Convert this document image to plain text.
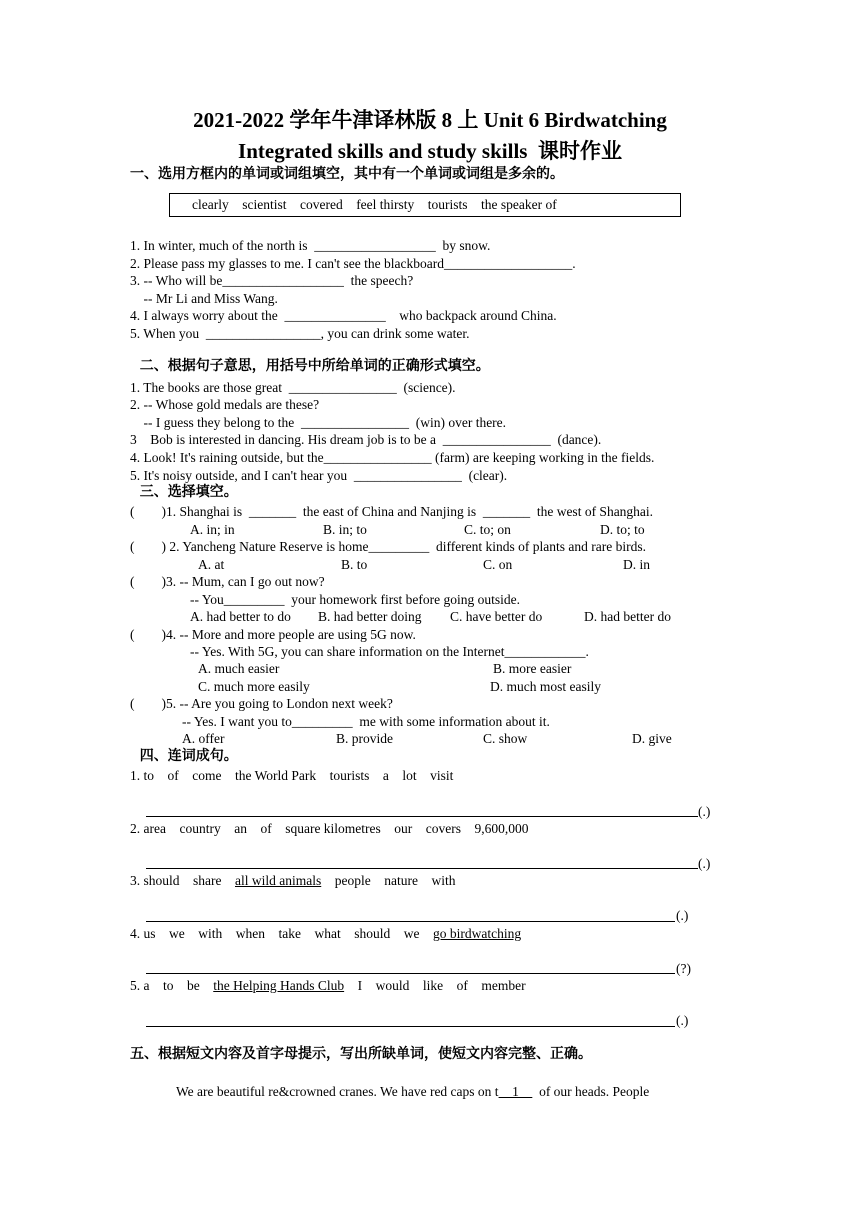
2021-2022 学年牛津译林版 8 上 Unit 6 Birdwatching
Integrated skills and study skills  课时作业
一、选用方框内的单词或词组填空，其中有一个单词或词组是多余的。
clearly    scientist    covered    feel thirsty    tourists    the speaker of
1. In winter, much of the north is  __________________  by snow.
2. Please pass my glasses to me. I can't see the blackboard___________________.
3. -- Who will be__________________  the speech?
-- Mr Li and Miss Wang.
4. I always worry about the  _______________    who backpack around China.
5. When you  _________________, you can drink some water.
二、根据句子意思，用括号中所给单词的正确形式填空。
1. The books are those great  ________________  (science).
2. -- Whose gold medals are these?
-- I guess they belong to the  ________________  (win) over there.
3    Bob is interested in dancing. His dream job is to be a  ________________  (dance).
4. Look! It's raining outside, but the________________ (farm) are keeping working in the fields.
5. It's noisy outside, and I can't hear you  ________________  (clear).
三、选择填空。
(        )1. Shanghai is  _______  the east of China and Nanjing is  _______  the west of Shanghai.
A. in; in	B. in; to	C. to; on	D. to; to
(        ) 2. Yancheng Nature Reserve is home_________  different kinds of plants and rare birds.
A. at	B. to	C. on	D. in
(        )3. -- Mum, can I go out now?
-- You_________  your homework first before going outside.
A. had better to do B. had better doing C. have better do	D. had better do
(        )4. -- More and more people are using 5G now.
-- Yes. With 5G, you can share information on the Internet____________.
A. much easier	B. more easier
C. much more easily	D. much most easily
(        )5. -- Are you going to London next week?
-- Yes. I want you to_________  me with some information about it.
A. offer	B. provide	C. show	D. give
四、连词成句。
1. to    of    come    the World Park    tourists    a    lot    visit
(.)
2. area    country    an    of    square kilometres    our    covers    9,600,000
(.)
3. should    share    all wild animals    people    nature    with
(.)
4. us    we    with    when    take    what    should    we    go birdwatching
(?)
5. a    to    be    the Helping Hands Club    I    would    like    of    member
(.)
五、根据短文内容及首字母提示，写出所缺单词，使短文内容完整、正确。
We are beautiful re&crowned cranes. We have red caps on t    1      of our heads. People
